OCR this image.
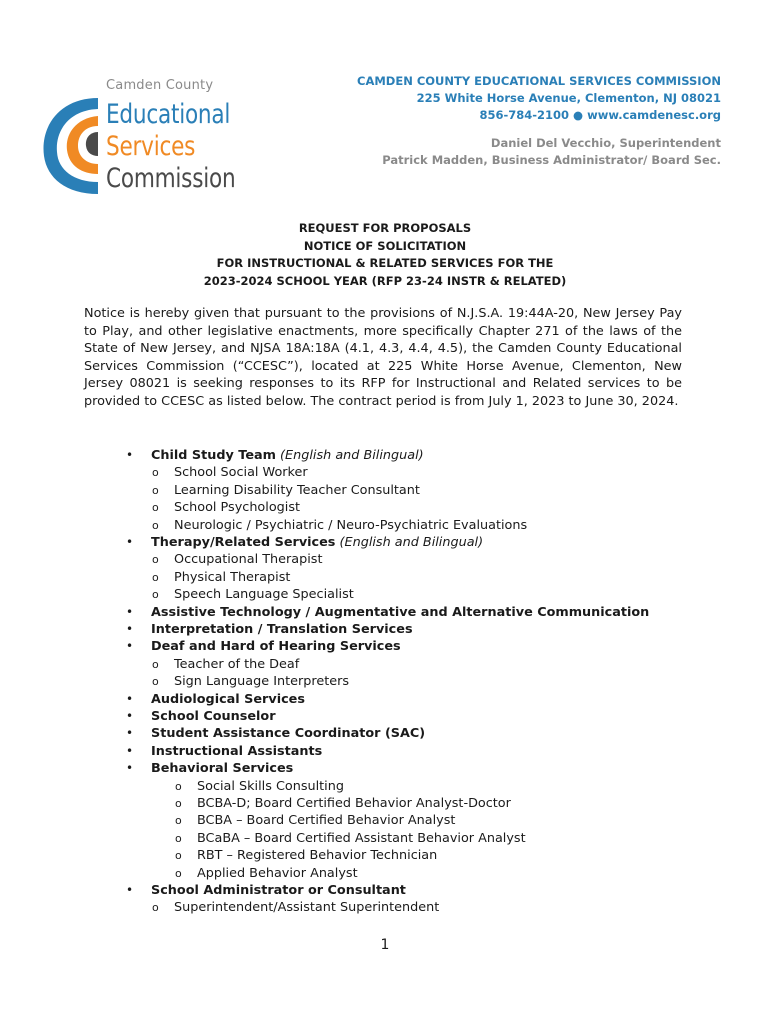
Camden County
Educational
Services
Commission
CAMDEN COUNTY EDUCATIONAL SERVICES COMMISSION
225 White Horse Avenue, Clementon, NJ 08021
856-784-2100 ● www.camdenesc.org
Daniel Del Vecchio, Superintendent
Patrick Madden, Business Administrator/ Board Sec.
REQUEST FOR PROPOSALS
NOTICE OF SOLICITATION
FOR INSTRUCTIONAL & RELATED SERVICES FOR THE
2023-2024 SCHOOL YEAR (RFP 23-24 INSTR & RELATED)

Notice is hereby given that pursuant to the provisions of N.J.S.A. 19:44A-20, New Jersey Pay to Play, and other legislative enactments, more specifically Chapter 271 of the laws of the State of New Jersey, and NJSA 18A:18A (4.1, 4.3, 4.4, 4.5), the Camden County Educational Services Commission (“CCESC”), located at 225 White Horse Avenue, Clementon, New Jersey 08021 is seeking responses to its RFP for Instructional and Related services to be provided to CCESC as listed below. The contract period is from July 1, 2023 to June 30, 2024.

Child Study Team (English and Bilingual)
School Social Worker
Learning Disability Teacher Consultant
School Psychologist
Neurologic / Psychiatric / Neuro-Psychiatric Evaluations
Therapy/Related Services (English and Bilingual)
Occupational Therapist
Physical Therapist
Speech Language Specialist
Assistive Technology / Augmentative and Alternative Communication
Interpretation / Translation Services
Deaf and Hard of Hearing Services
Teacher of the Deaf
Sign Language Interpreters
Audiological Services
School Counselor
Student Assistance Coordinator (SAC)
Instructional Assistants
Behavioral Services
Social Skills Consulting
BCBA-D; Board Certified Behavior Analyst-Doctor
BCBA – Board Certified Behavior Analyst
BCaBA – Board Certified Assistant Behavior Analyst
RBT – Registered Behavior Technician
Applied Behavior Analyst
School Administrator or Consultant
Superintendent/Assistant Superintendent
1
